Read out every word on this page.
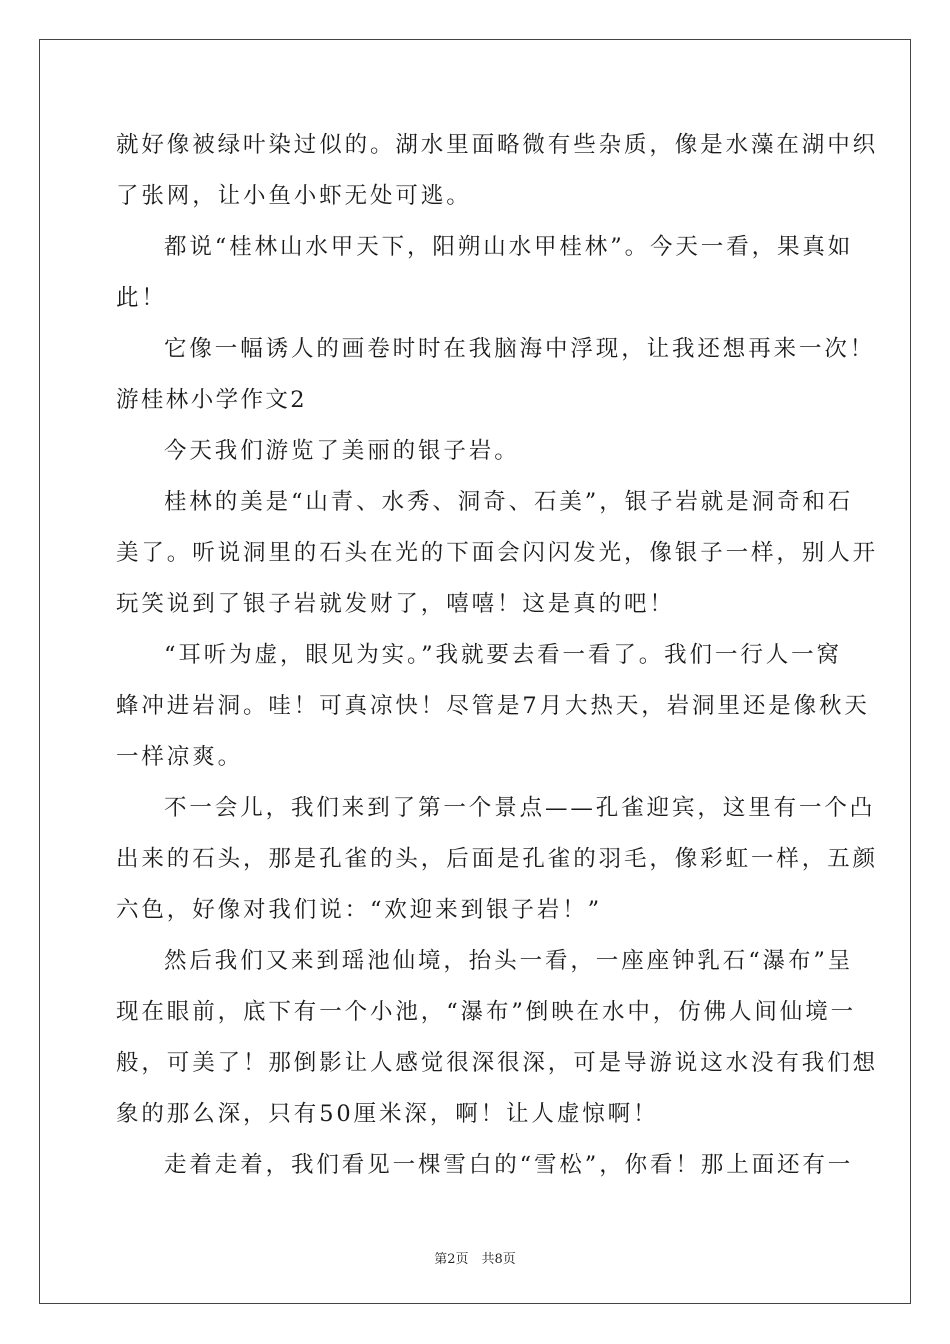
就好像被绿叶染过似的。湖水里面略微有些杂质，像是水藻在湖中织
了张网，让小鱼小虾无处可逃。
都说“桂林山水甲天下，阳朔山水甲桂林”。今天一看，果真如
此！
它像一幅诱人的画卷时时在我脑海中浮现，让我还想再来一次！
游桂林小学作文2
今天我们游览了美丽的银子岩。
桂林的美是“山青、水秀、洞奇、石美”，银子岩就是洞奇和石
美了。听说洞里的石头在光的下面会闪闪发光，像银子一样，别人开
玩笑说到了银子岩就发财了，嘻嘻！这是真的吧！
“耳听为虚，眼见为实。”我就要去看一看了。我们一行人一窝
蜂冲进岩洞。哇！可真凉快！尽管是7月大热天，岩洞里还是像秋天
一样凉爽。
不一会儿，我们来到了第一个景点——孔雀迎宾，这里有一个凸
出来的石头，那是孔雀的头，后面是孔雀的羽毛，像彩虹一样，五颜
六色，好像对我们说：“欢迎来到银子岩！”
然后我们又来到瑶池仙境，抬头一看，一座座钟乳石“瀑布”呈
现在眼前，底下有一个小池，“瀑布”倒映在水中，仿佛人间仙境一
般，可美了！那倒影让人感觉很深很深，可是导游说这水没有我们想
象的那么深，只有50厘米深，啊！让人虚惊啊！
走着走着，我们看见一棵雪白的“雪松”，你看！那上面还有一
第2页　共8页
